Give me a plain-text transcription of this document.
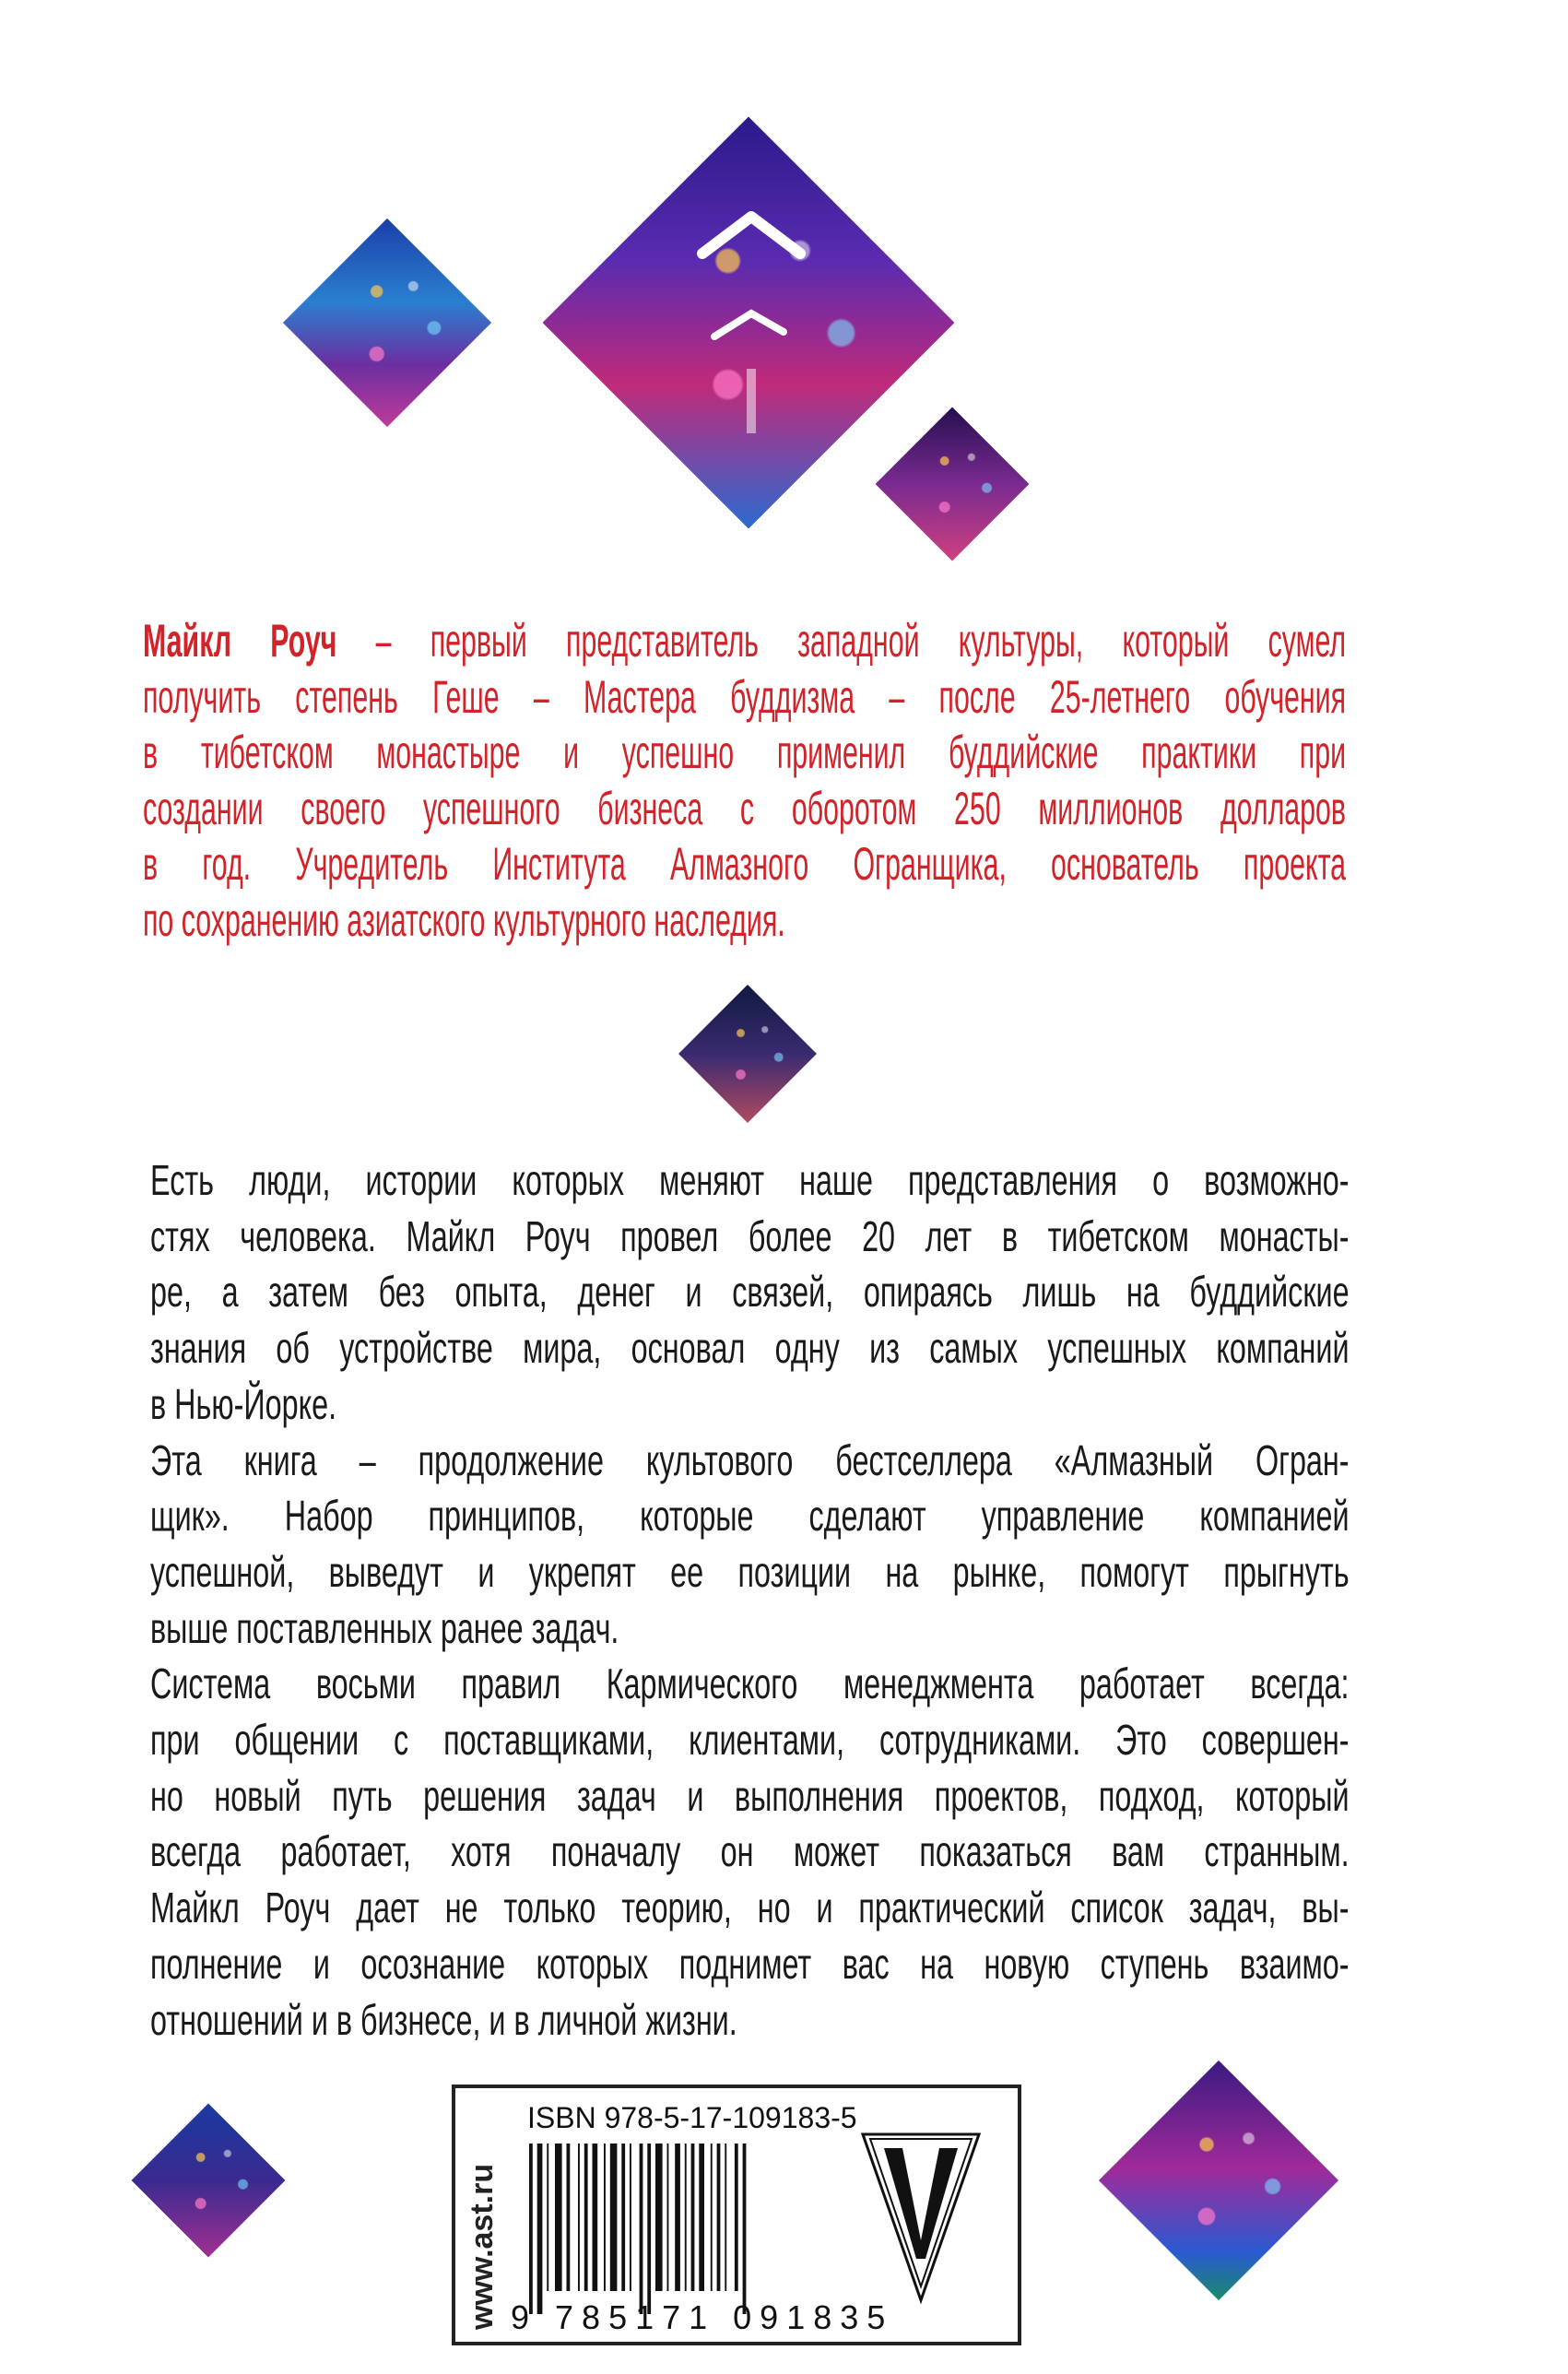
Майкл Роуч – первый представитель западной культуры, который сумел
получить степень Геше – Мастера буддизма – после 25-летнего обучения
в тибетском монастыре и успешно применил буддийские практики при
создании своего успешного бизнеса с оборотом 250 миллионов долларов
в год. Учредитель Института Алмазного Огранщика, основатель проекта
по сохранению азиатского культурного наследия.
Есть люди, истории которых меняют наше представления о возможно-
стях человека. Майкл Роуч провел более 20 лет в тибетском монасты-
ре, а затем без опыта, денег и связей, опираясь лишь на буддийские
знания об устройстве мира, основал одну из самых успешных компаний
в Нью-Йорке.
Эта книга – продолжение культового бестселлера «Алмазный Огран-
щик». Набор принципов, которые сделают управление компанией
успешной, выведут и укрепят ее позиции на рынке, помогут прыгнуть
выше поставленных ранее задач.
Система восьми правил Кармического менеджмента работает всегда:
при общении с поставщиками, клиентами, сотрудниками. Это совершен-
но новый путь решения задач и выполнения проектов, подход, который
всегда работает, хотя поначалу он может показаться вам странным.
Майкл Роуч дает не только теорию, но и практический список задач, вы-
полнение и осознание которых поднимет вас на новую ступень взаимо-
отношений и в бизнесе, и в личной жизни.
www.ast.ru
ISBN 978-5-17-109183-5
9 785171 091835
